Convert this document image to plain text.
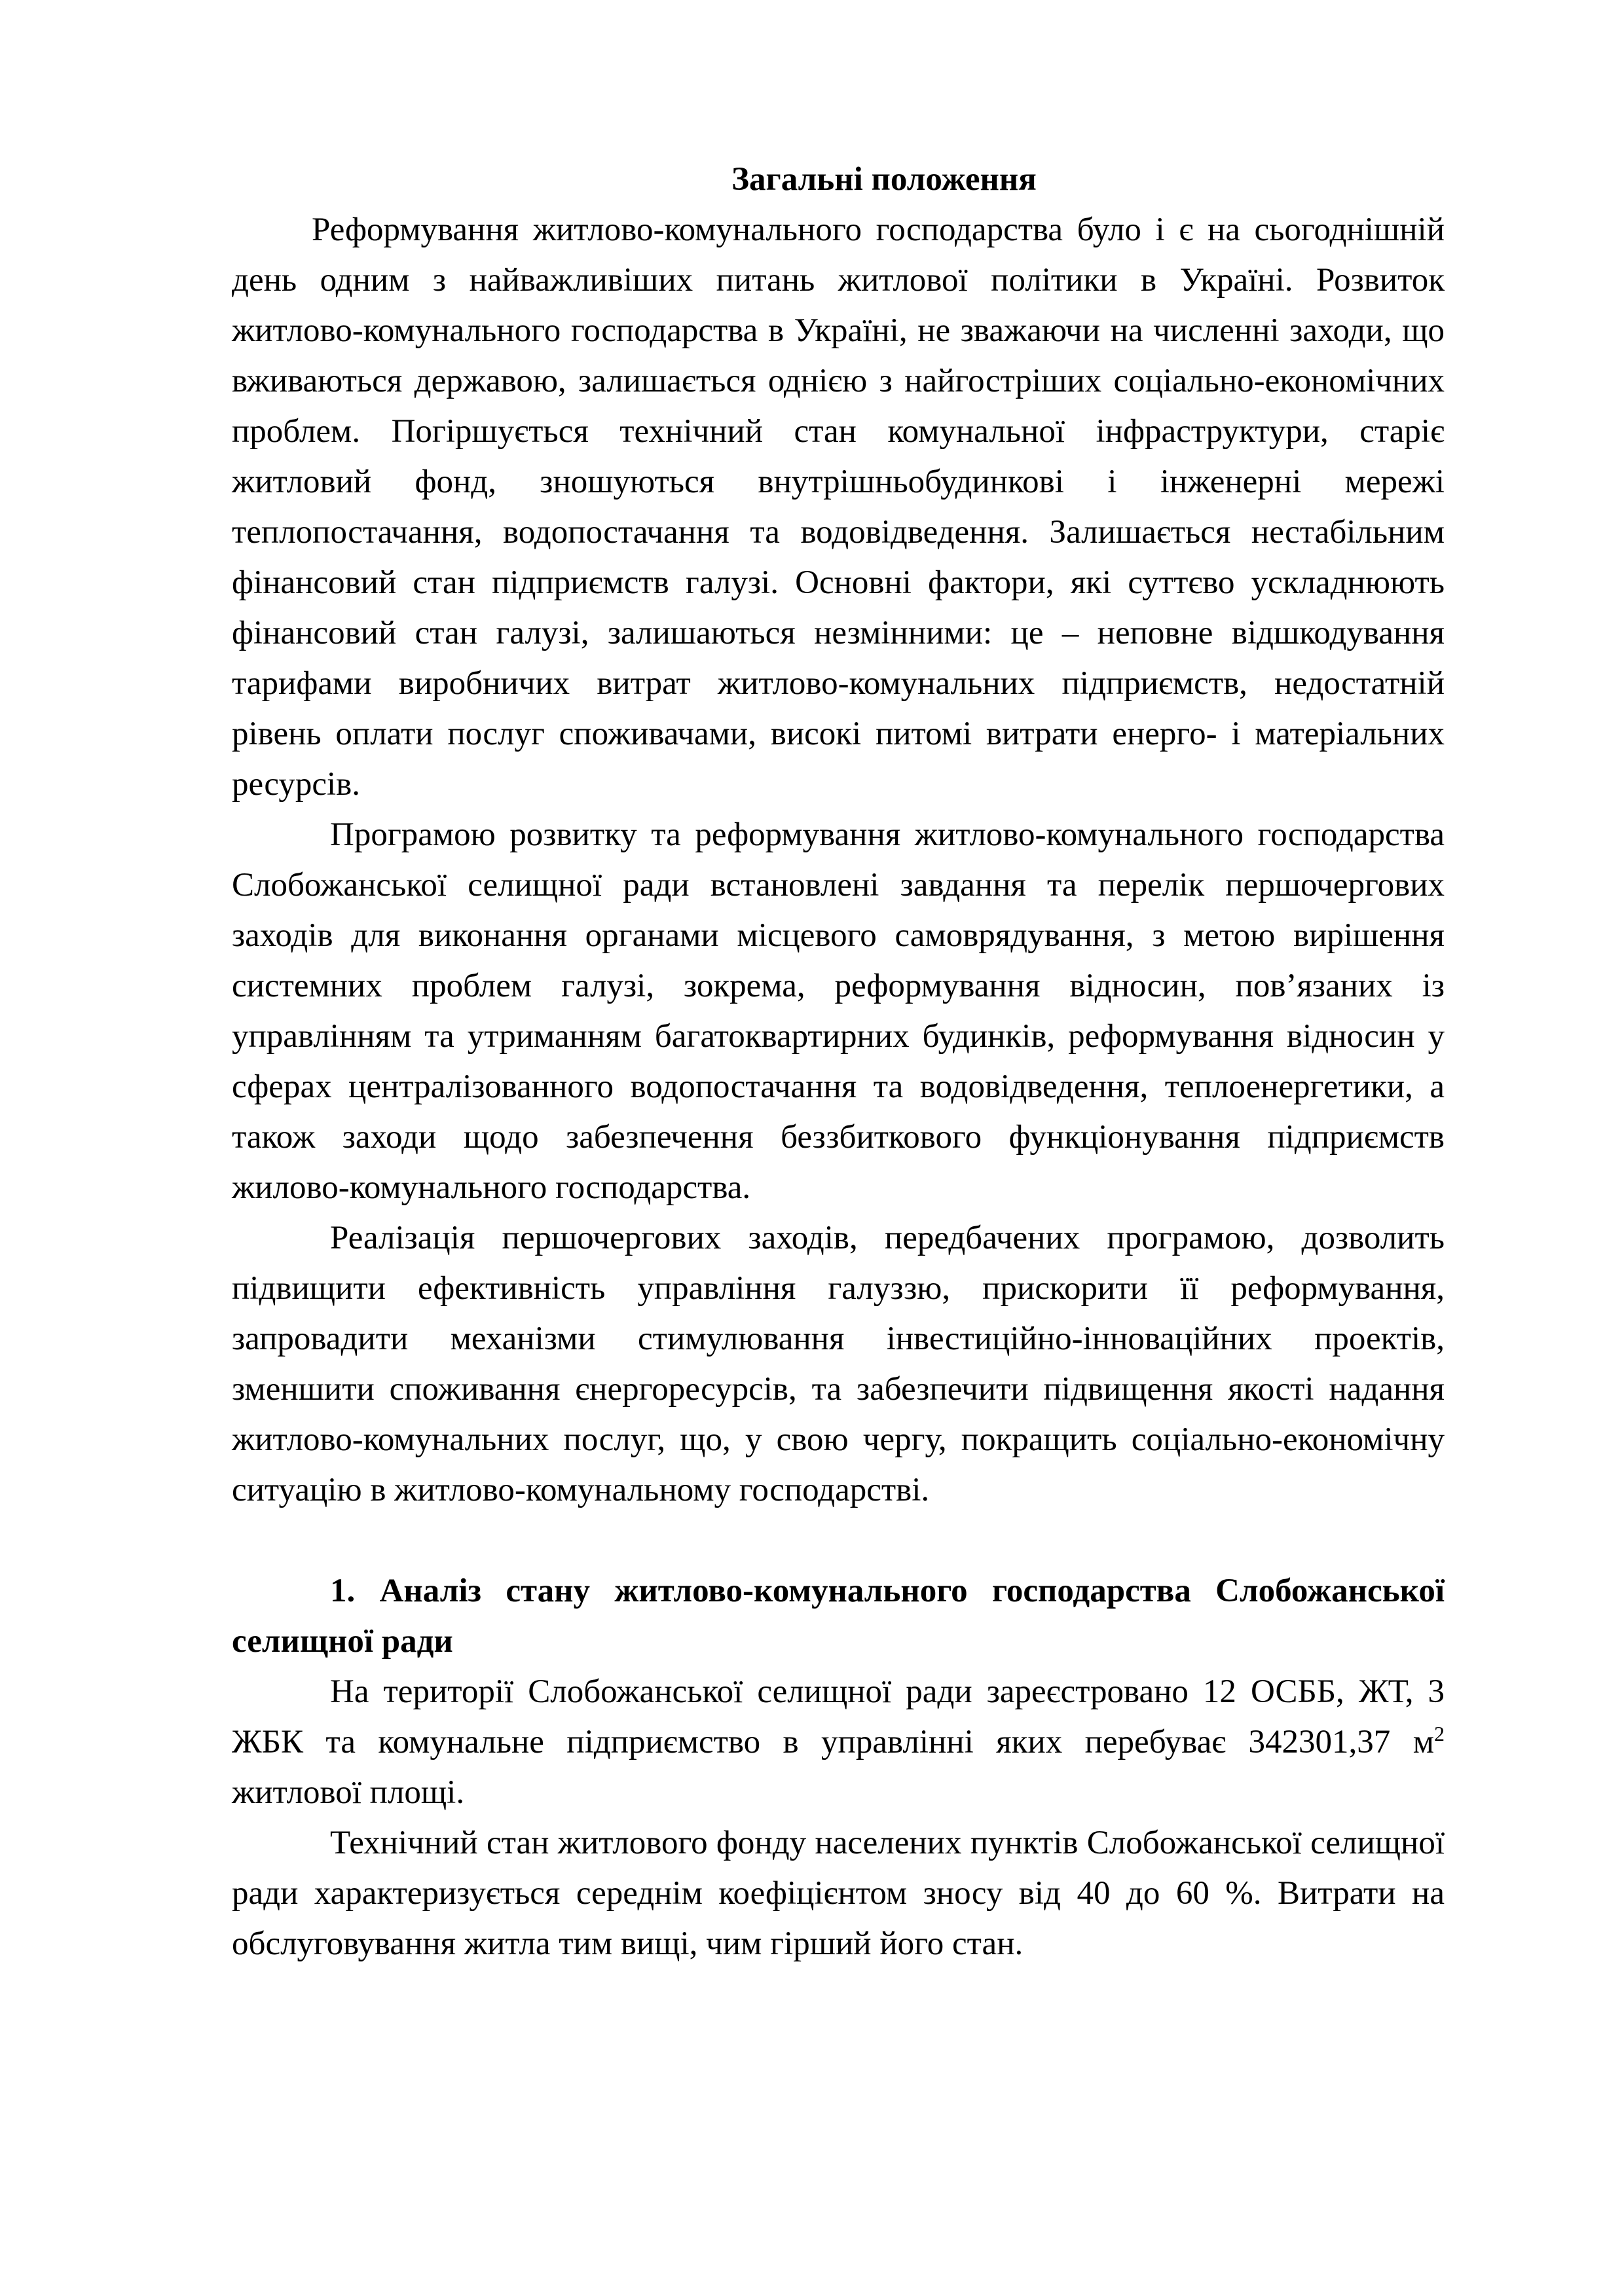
Загальні положення

Реформування житлово-комунального господарства було і є на сьогоднішній день одним з найважливіших питань житлової політики в Україні. Розвиток житлово-комунального господарства в Україні, не зважаючи на численні заходи, що вживаються державою, залишається однією з найгостріших соціально-економічних проблем. Погіршується технічний стан комунальної інфраструктури, старіє житловий фонд, зношуються внутрішньобудинкові і інженерні мережі теплопостачання, водопостачання та водовідведення. Залишається нестабільним фінансовий стан підприємств галузі. Основні фактори, які суттєво ускладнюють фінансовий стан галузі, залишаються незмінними: це – неповне відшкодування тарифами виробничих витрат житлово-комунальних підприємств, недостатній рівень оплати послуг споживачами, високі питомі витрати енерго- і матеріальних ресурсів.

Програмою розвитку та реформування житлово-комунального господарства Слобожанської селищної ради встановлені завдання та перелік першочергових заходів для виконання органами місцевого самоврядування, з метою вирішення системних проблем галузі, зокрема, реформування відносин, пов’язаних із управлінням та утриманням багатоквартирних будинків, реформування відносин у сферах централізованного водопостачання та водовідведення, теплоенергетики, а також заходи щодо забезпечення беззбиткового функціонування підприємств жилово-комунального господарства.

Реалізація першочергових заходів, передбачених програмою, дозволить підвищити ефективність управління галуззю, прискорити її реформування, запровадити механізми стимулювання інвестиційно-інноваційних проектів, зменшити споживання єнергоресурсів, та забезпечити підвищення якості надання житлово-комунальних послуг, що, у свою чергу, покращить соціально-економічну ситуацію в житлово-комунальному господарстві.

1. Аналіз стану житлово-комунального господарства Слобожанської селищної ради

На території Слобожанської селищної ради зареєстровано 12 ОСББ, ЖТ, 3 ЖБК та комунальне підприємство в управлінні яких перебуває 342301,37 $м^2$ житлової площі.

Технічний стан житлового фонду населених пунктів Слобожанської селищної ради характеризується середнім коефіцієнтом зносу від 40 до 60 %. Витрати на обслуговування житла тим вищі, чим гірший його стан.
